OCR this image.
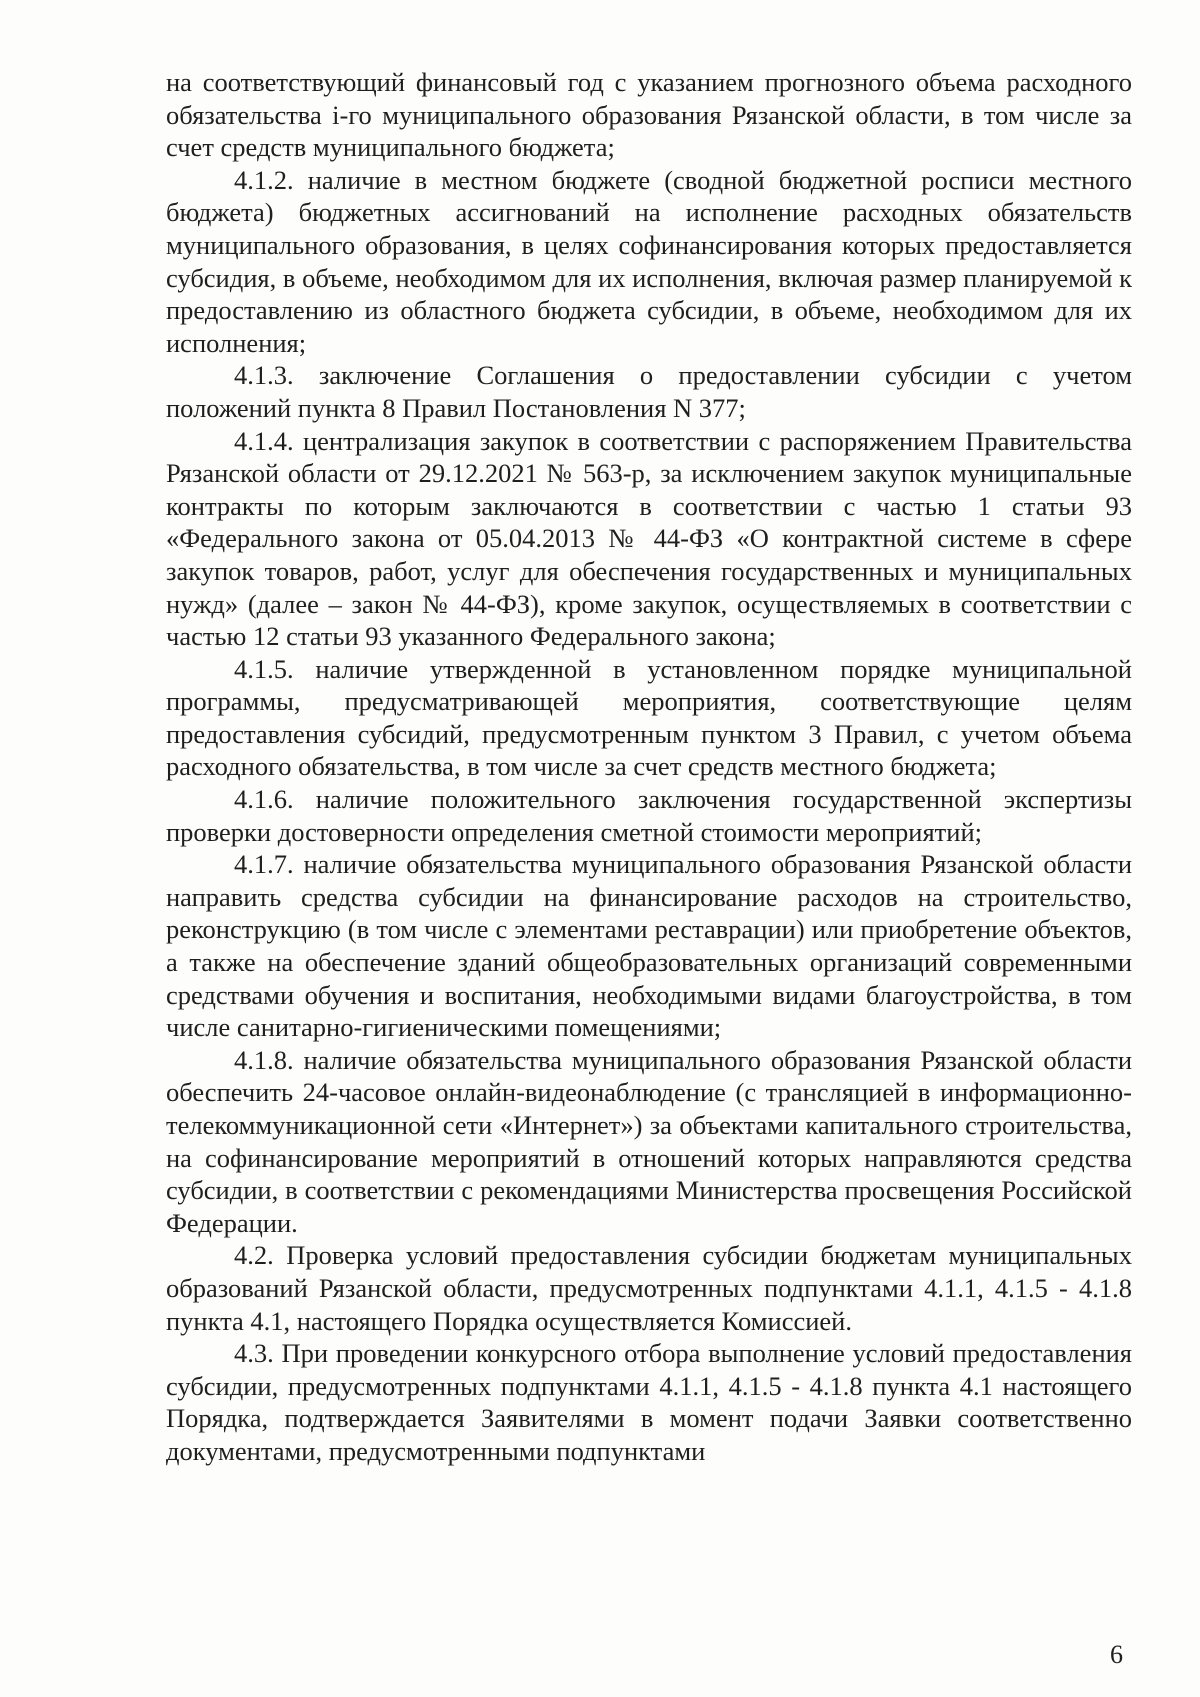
на соответствующий финансовый год с указанием прогнозного объема расходного обязательства i-го муниципального образования Рязанской области, в том числе за счет средств муниципального бюджета;

4.1.2. наличие в местном бюджете (сводной бюджетной росписи местного бюджета) бюджетных ассигнований на исполнение расходных обязательств муниципального образования, в целях софинансирования которых предоставляется субсидия, в объеме, необходимом для их исполнения, включая размер планируемой к предоставлению из областного бюджета субсидии, в объеме, необходимом для их исполнения;

4.1.3. заключение Соглашения о предоставлении субсидии с учетом положений пункта 8 Правил Постановления N 377;

4.1.4. централизация закупок в соответствии с распоряжением Правительства Рязанской области от 29.12.2021 № 563-р, за исключением закупок муниципальные контракты по которым заключаются в соответствии с частью 1 статьи 93 «Федерального закона от 05.04.2013 № 44-ФЗ «О контрактной системе в сфере закупок товаров, работ, услуг для обеспечения государственных и муниципальных нужд» (далее – закон № 44-ФЗ), кроме закупок, осуществляемых в соответствии с частью 12 статьи 93 указанного Федерального закона;

4.1.5. наличие утвержденной в установленном порядке муниципальной программы, предусматривающей мероприятия, соответствующие целям предоставления субсидий, предусмотренным пунктом 3 Правил, с учетом объема расходного обязательства, в том числе за счет средств местного бюджета;

4.1.6. наличие положительного заключения государственной экспертизы проверки достоверности определения сметной стоимости мероприятий;

4.1.7. наличие обязательства муниципального образования Рязанской области направить средства субсидии на финансирование расходов на строительство, реконструкцию (в том числе с элементами реставрации) или приобретение объектов, а также на обеспечение зданий общеобразовательных организаций современными средствами обучения и воспитания, необходимыми видами благоустройства, в том числе санитарно-гигиеническими помещениями;

4.1.8. наличие обязательства муниципального образования Рязанской области обеспечить 24-часовое онлайн-видеонаблюдение (с трансляцией в информационно-телекоммуникационной сети «Интернет») за объектами капитального строительства, на софинансирование мероприятий в отношений которых направляются средства субсидии, в соответствии с рекомендациями Министерства просвещения Российской Федерации.

4.2. Проверка условий предоставления субсидии бюджетам муниципальных образований Рязанской области, предусмотренных подпунктами 4.1.1, 4.1.5 - 4.1.8 пункта 4.1, настоящего Порядка осуществляется Комиссией.

4.3. При проведении конкурсного отбора выполнение условий предоставления субсидии, предусмотренных подпунктами 4.1.1, 4.1.5 - 4.1.8 пункта 4.1 настоящего Порядка, подтверждается Заявителями в момент подачи Заявки соответственно документами, предусмотренными подпунктами

6
